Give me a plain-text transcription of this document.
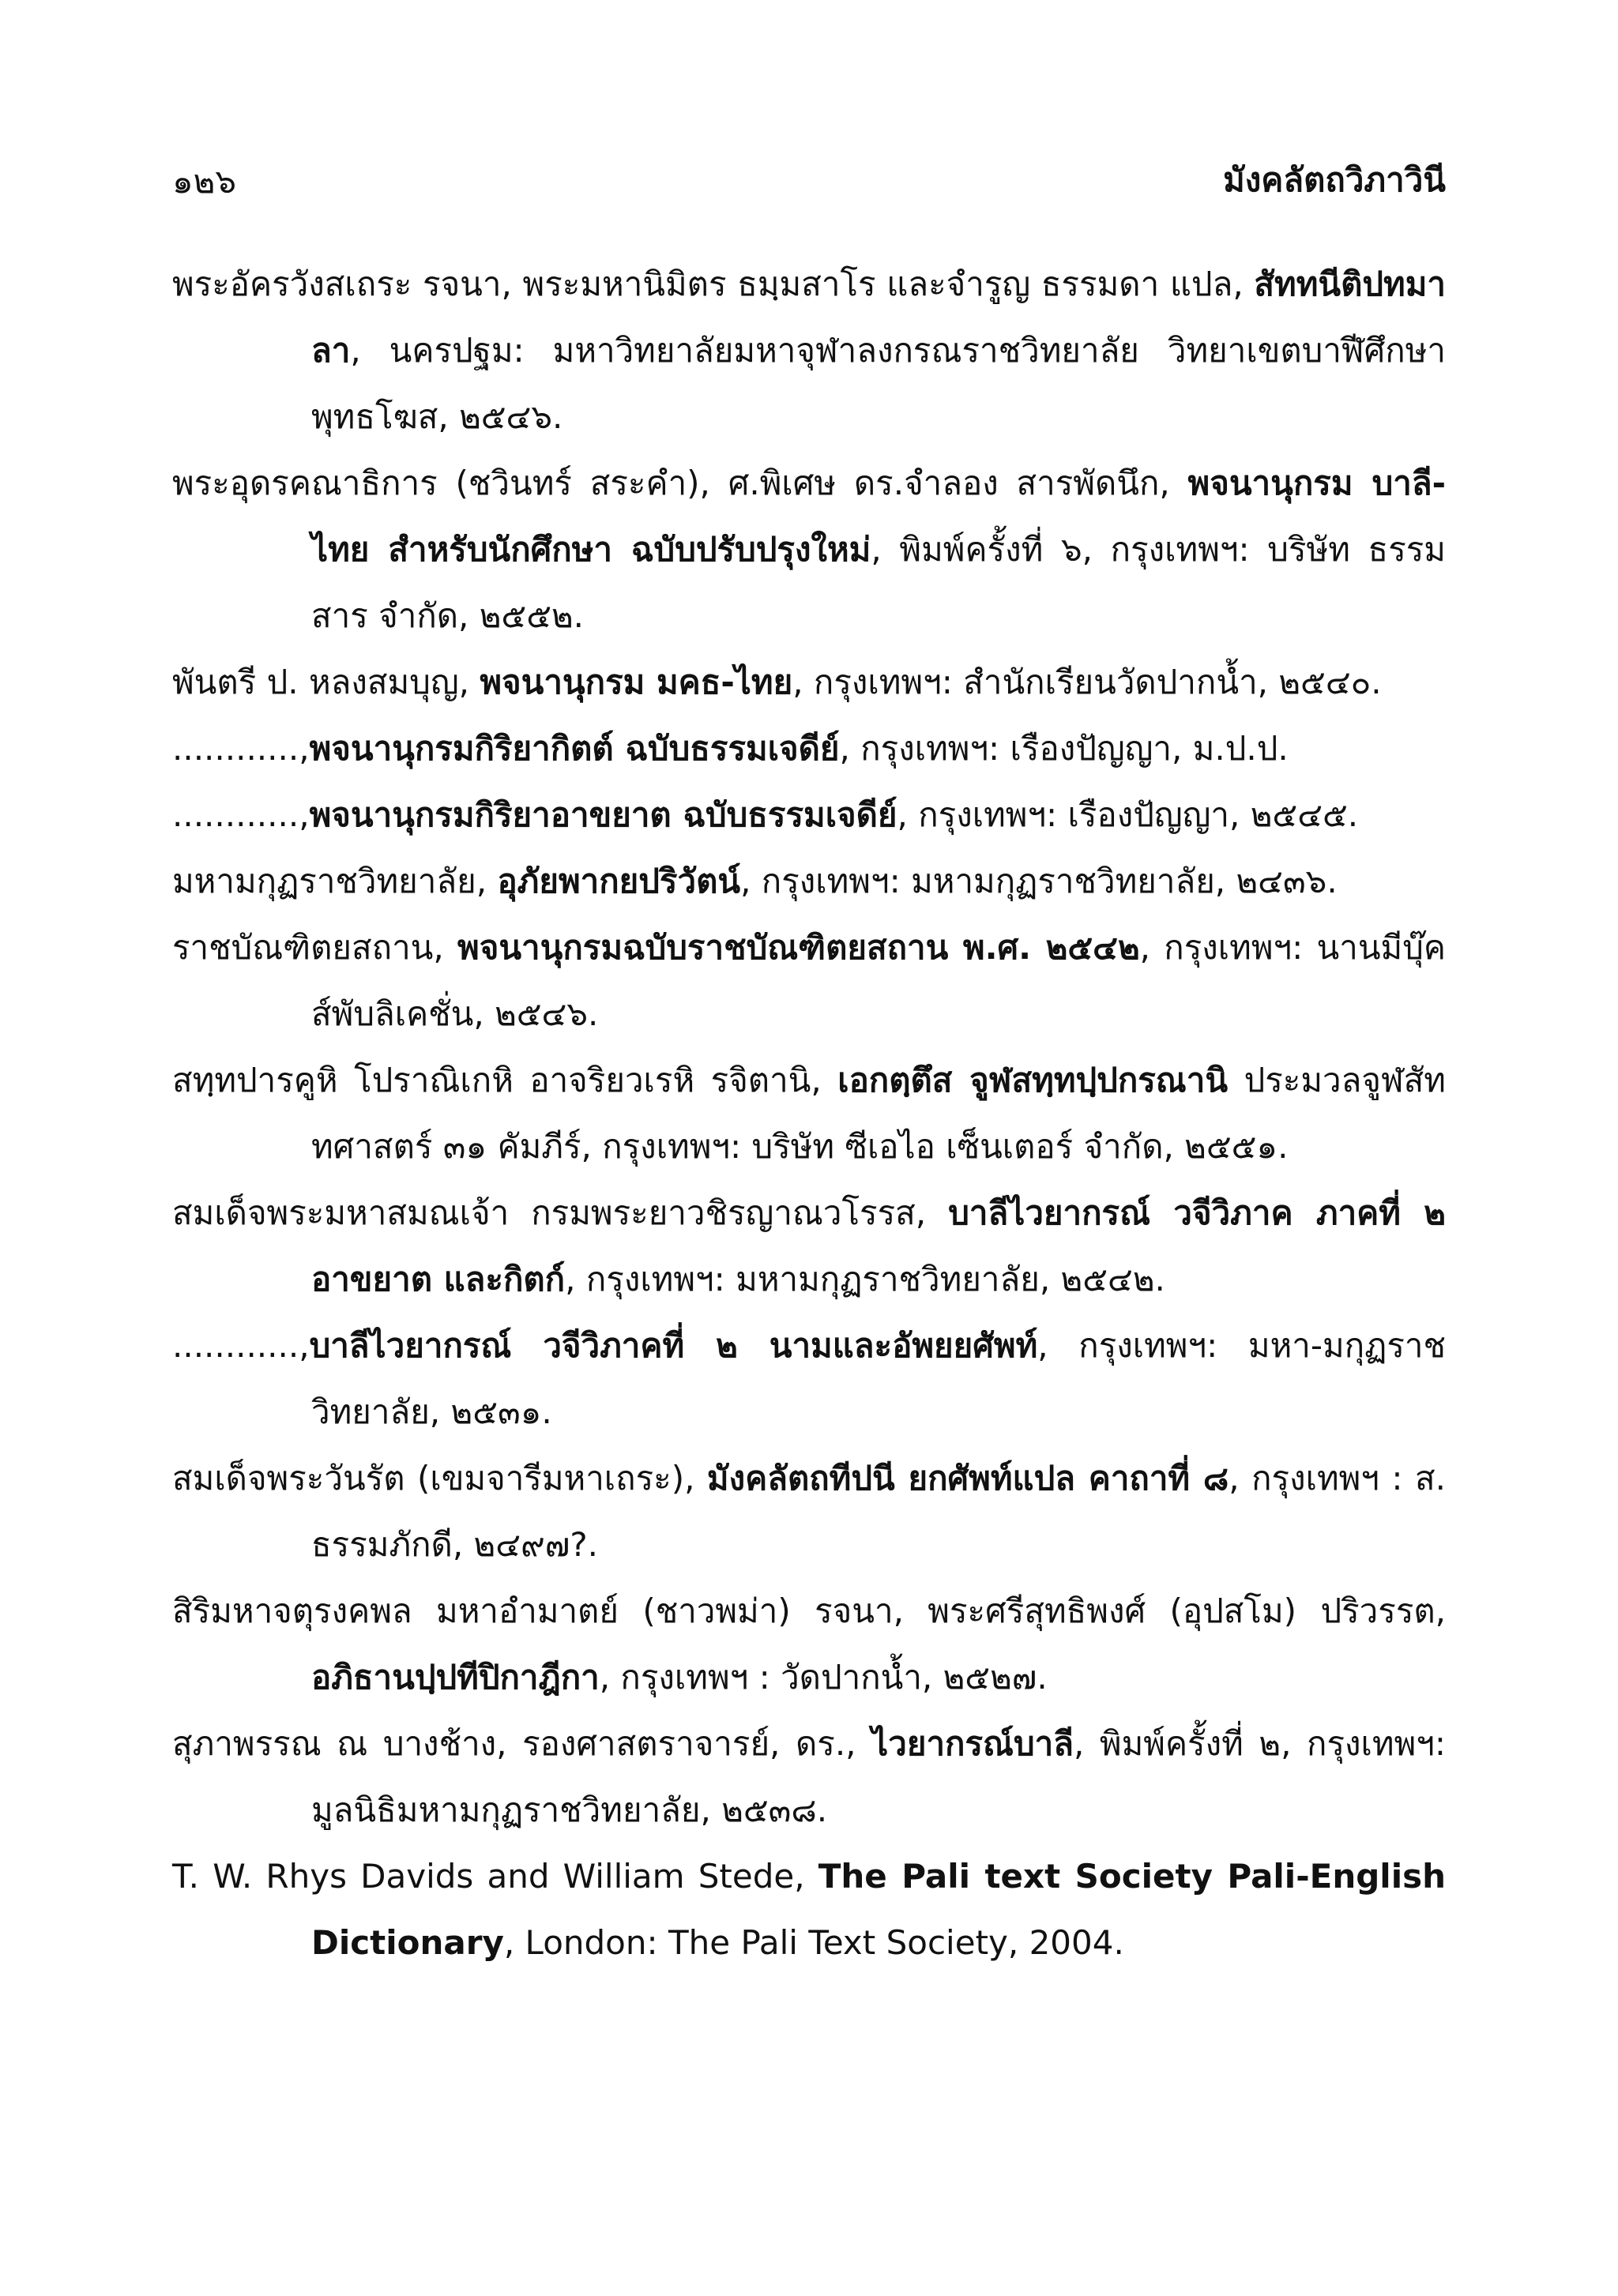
๑๒๖	มังคลัตถวิภาวินี

พระอัครวังสเถระ รจนา, พระมหานิมิตร ธมฺมสาโร และจำรูญ ธรรมดา แปล, สัททนีติปทมาลา, นครปฐม: มหาวิทยาลัยมหาจุฬาลงกรณราชวิทยาลัย วิทยาเขตบาฬีศึกษาพุทธโฆส, ๒๕๔๖.

พระอุดรคณาธิการ (ชวินทร์ สระคำ), ศ.พิเศษ ดร.จำลอง สารพัดนึก, พจนานุกรม บาลี-ไทย สำหรับนักศึกษา ฉบับปรับปรุงใหม่, พิมพ์ครั้งที่ ๖, กรุงเทพฯ: บริษัท ธรรมสาร จำกัด, ๒๕๕๒.

พันตรี ป. หลงสมบุญ, พจนานุกรม มคธ-ไทย, กรุงเทพฯ: สำนักเรียนวัดปากน้ำ, ๒๕๔๐.

............,พจนานุกรมกิริยากิตต์ ฉบับธรรมเจดีย์, กรุงเทพฯ: เรืองปัญญา, ม.ป.ป.

............,พจนานุกรมกิริยาอาขยาต ฉบับธรรมเจดีย์, กรุงเทพฯ: เรืองปัญญา, ๒๕๔๕.

มหามกุฏราชวิทยาลัย, อุภัยพากยปริวัตน์, กรุงเทพฯ: มหามกุฏราชวิทยาลัย, ๒๔๓๖.

ราชบัณฑิตยสถาน, พจนานุกรมฉบับราชบัณฑิตยสถาน พ.ศ. ๒๕๔๒, กรุงเทพฯ: นานมีบุ๊คส์พับลิเคชั่น, ๒๕๔๖.

สทฺทปารคูหิ โปราณิเกหิ อาจริยวเรหิ รจิตานิ, เอกตฺตึส จูฬสทฺทปฺปกรณานิ ประมวลจูฬสัททศาสตร์ ๓๑ คัมภีร์, กรุงเทพฯ: บริษัท ซีเอไอ เซ็นเตอร์ จำกัด, ๒๕๕๑.

สมเด็จพระมหาสมณเจ้า กรมพระยาวชิรญาณวโรรส, บาลีไวยากรณ์ วจีวิภาค ภาคที่ ๒ อาขยาต และกิตก์, กรุงเทพฯ: มหามกุฏราชวิทยาลัย, ๒๕๔๒.

............,บาลีไวยากรณ์ วจีวิภาคที่ ๒ นามและอัพยยศัพท์, กรุงเทพฯ: มหา-มกุฏราชวิทยาลัย, ๒๕๓๑.

สมเด็จพระวันรัต (เขมจารีมหาเถระ), มังคลัตถทีปนี ยกศัพท์แปล คาถาที่ ๘, กรุงเทพฯ : ส. ธรรมภักดี, ๒๔๙๗?.

สิริมหาจตุรงคพล มหาอำมาตย์ (ชาวพม่า) รจนา, พระศรีสุทธิพงศ์ (อุปสโม) ปริวรรต, อภิธานปฺปทีปิกาฎีกา, กรุงเทพฯ : วัดปากน้ำ, ๒๕๒๗.

สุภาพรรณ ณ บางช้าง, รองศาสตราจารย์, ดร., ไวยากรณ์บาลี, พิมพ์ครั้งที่ ๒, กรุงเทพฯ: มูลนิธิมหามกุฏราชวิทยาลัย, ๒๕๓๘.

T. W. Rhys Davids and William Stede, The Pali text Society Pali-English Dictionary, London: The Pali Text Society, 2004.
